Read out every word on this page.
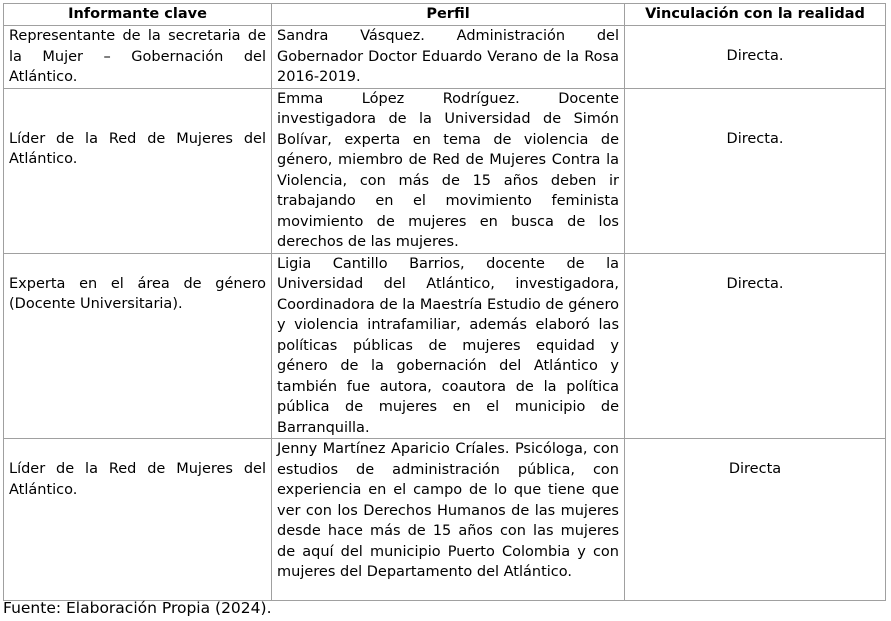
Informante clave	Perfil	Vinculación con la realidad
Representante de la secretaria de la Mujer – Gobernación del Atlántico.	Sandra Vásquez. Administración del Gobernador Doctor Eduardo Verano de la Rosa 2016-2019.	Directa.
Líder de la Red de Mujeres del Atlántico.	Emma López Rodríguez. Docente investigadora de la Universidad de Simón Bolívar, experta en tema de violencia de género, miembro de Red de Mujeres Contra la Violencia, con más de 15 años deben ir trabajando en el movimiento feminista movimiento de mujeres en busca de los derechos de las mujeres.	Directa.
Experta en el área de género (Docente Universitaria).	Ligia Cantillo Barrios, docente de la Universidad del Atlántico, investigadora, Coordinadora de la Maestría Estudio de género y violencia intrafamiliar, además elaboró las políticas públicas de mujeres equidad y género de la gobernación del Atlántico y también fue autora, coautora de la política pública de mujeres en el municipio de Barranquilla.	Directa.
Líder de la Red de Mujeres del Atlántico.	Jenny Martínez Aparicio Críales. Psicóloga, con estudios de administración pública, con experiencia en el campo de lo que tiene que ver con los Derechos Humanos de las mujeres desde hace más de 15 años con las mujeres de aquí del municipio Puerto Colombia y con mujeres del Departamento del Atlántico.	Directa
Fuente: Elaboración Propia (2024).
